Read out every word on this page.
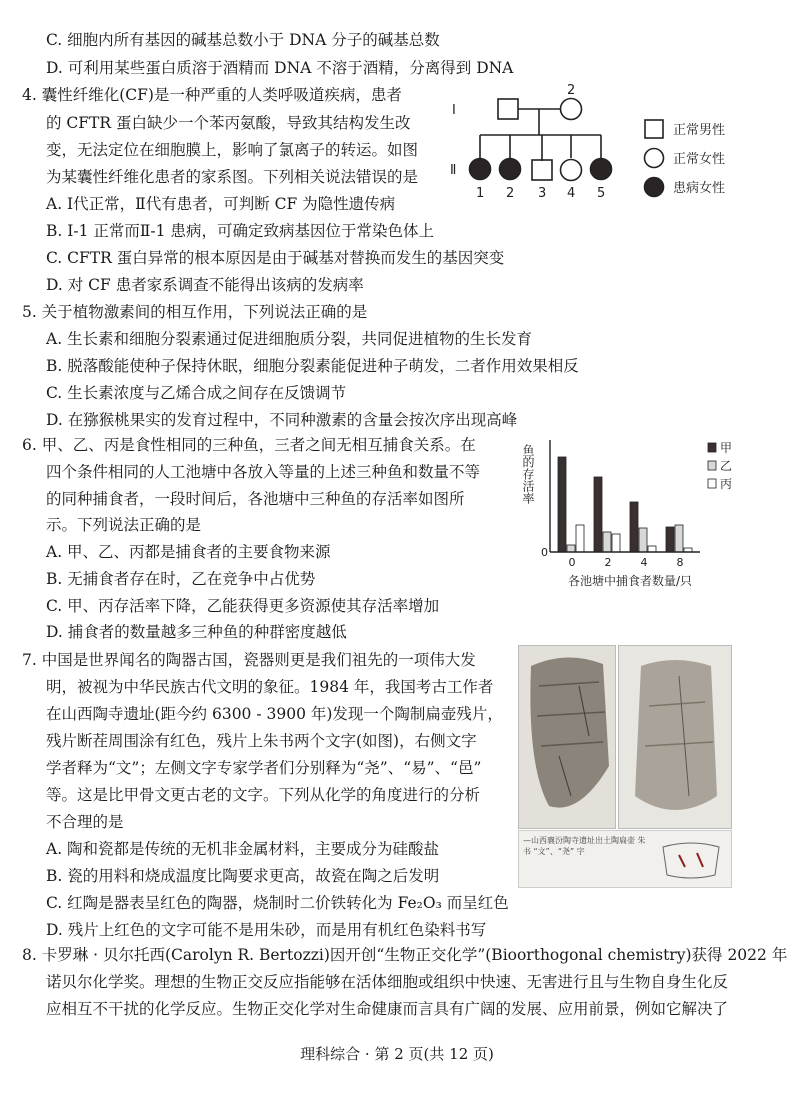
C. 细胞内所有基因的碱基总数小于 DNA 分子的碱基总数
D. 可利用某些蛋白质溶于酒精而 DNA 不溶于酒精，分离得到 DNA
4. 囊性纤维化(CF)是一种严重的人类呼吸道疾病，患者
的 CFTR 蛋白缺少一个苯丙氨酸，导致其结构发生改
变，无法定位在细胞膜上，影响了氯离子的转运。如图
为某囊性纤维化患者的家系图。下列相关说法错误的是
A. Ⅰ代正常，Ⅱ代有患者，可判断 CF 为隐性遗传病
B. Ⅰ-1 正常而Ⅱ-1 患病，可确定致病基因位于常染色体上
C. CFTR 蛋白异常的根本原因是由于碱基对替换而发生的基因突变
D. 对 CF 患者家系调查不能得出该病的发病率
Ⅰ
Ⅱ
2
1 2 3 4 5
正常男性
正常女性
患病女性
5. 关于植物激素间的相互作用，下列说法正确的是
A. 生长素和细胞分裂素通过促进细胞质分裂，共同促进植物的生长发育
B. 脱落酸能使种子保持休眠，细胞分裂素能促进种子萌发，二者作用效果相反
C. 生长素浓度与乙烯合成之间存在反馈调节
D. 在猕猴桃果实的发育过程中，不同种激素的含量会按次序出现高峰
6. 甲、乙、丙是食性相同的三种鱼，三者之间无相互捕食关系。在
四个条件相同的人工池塘中各放入等量的上述三种鱼和数量不等
的同种捕食者，一段时间后，各池塘中三种鱼的存活率如图所
示。下列说法正确的是
A. 甲、乙、丙都是捕食者的主要食物来源
B. 无捕食者存在时，乙在竞争中占优势
C. 甲、丙存活率下降，乙能获得更多资源使其存活率增加
D. 捕食者的数量越多三种鱼的种群密度越低
0
鱼的存活率
各池塘中捕食者数量/只
0	2	4	8
甲
乙
丙
7. 中国是世界闻名的陶器古国，瓷器则更是我们祖先的一项伟大发
明，被视为中华民族古代文明的象征。1984 年，我国考古工作者
在山西陶寺遗址(距今约 6300 - 3900 年)发现一个陶制扁壶残片，
残片断茬周围涂有红色，残片上朱书两个文字(如图)，右侧文字
学者释为“文”；左侧文字专家学者们分别释为“尧”、“易”、“邑”
等。这是比甲骨文更古老的文字。下列从化学的角度进行的分析
不合理的是
A. 陶和瓷都是传统的无机非金属材料，主要成分为硅酸盐
B. 瓷的用料和烧成温度比陶要求更高，故瓷在陶之后发明
C. 红陶是器表呈红色的陶器，烧制时二价铁转化为 Fe₂O₃ 而呈红色
D. 残片上红色的文字可能不是用朱砂，而是用有机红色染料书写
—山西襄汾陶寺遗址出土陶扁壶 朱书 “文”、“尧” 字
8. 卡罗琳 · 贝尔托西(Carolyn R. Bertozzi)因开创“生物正交化学”(Bioorthogonal chemistry)获得 2022 年
诺贝尔化学奖。理想的生物正交反应指能够在活体细胞或组织中快速、无害进行且与生物自身生化反
应相互不干扰的化学反应。生物正交化学对生命健康而言具有广阔的发展、应用前景，例如它解决了
理科综合 · 第 2 页(共 12 页)
